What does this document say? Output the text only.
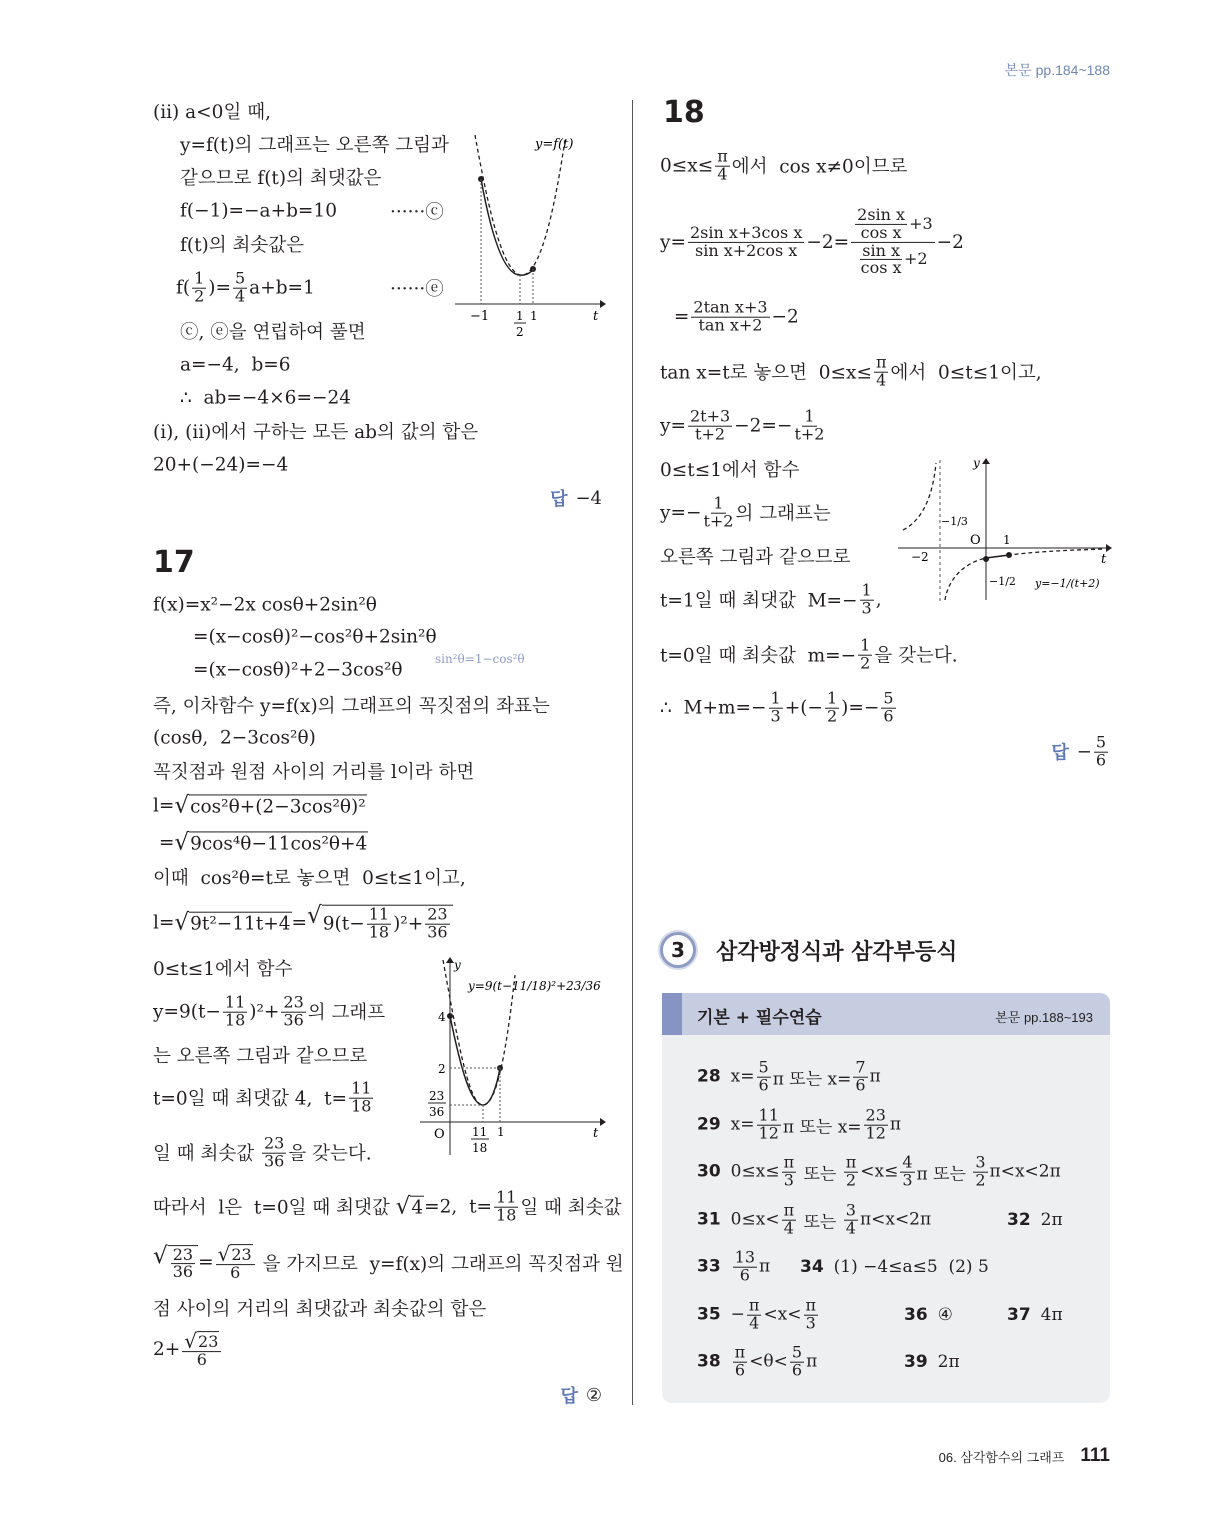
본문 pp.184~188
(ⅱ) a<0일 때,
y=f(t)의 그래프는 오른쪽 그림과
같으므로 f(t)의 최댓값은
f(−1)=−a+b=10	······ⓒ
f(t)의 최솟값은
$f( \frac{1}{2}$ )= $\frac{5}{4} a+b=1$	······ⓔ
ⓒ, ⓔ을 연립하여 풀면
a=−4,  b=6
∴  ab=−4×6=−24
(ⅰ), (ⅱ)에서 구하는 모든 ab의 값의 합은
20+(−24)=−4
답 −4
y=f(t)
−1 1
2
1	t
17
f(x)=x²−2x cosθ+2sin²θ
=(x−cosθ)²−cos²θ+2sin²θ
sin²θ=1−cos²θ
=(x−cosθ)²+2−3cos²θ
즉, 이차함수 y=f(x)의 그래프의 꼭짓점의 좌표는
(cosθ,  2−3cos²θ)
꼭짓점과 원점 사이의 거리를 l이라 하면
l= √ cos²θ+(2−3cos²θ)²
= √ 9cos⁴θ−11cos²θ+4
이때  cos²θ=t로 놓으면  0≤t≤1이고,
l= √ 9t²−11t+4 = √ $9(t- \frac{11}{18} )^2+ \frac{23}{36}$
0≤t≤1에서 함수
$y=9(t- \frac{11}{18} )^2+ \frac{23}{36}$ 의 그래프
는 오른쪽 그림과 같으므로
t=0일 때 최댓값 4,  $t= \frac{11}{18}$
일 때 최솟값 $\frac{23}{36}$ 을 갖는다.
따라서  l은  t=0일 때 최댓값 √ 4 =2,  $t= \frac{11}{18}$ 일 때 최솟값
√ $\frac{23}{36} = \frac{√ 23}{6}$ 을 가지므로  y=f(x)의 그래프의 꼭짓점과 원
점 사이의 거리의 최댓값과 최솟값의 합은
$2+ \frac{√ 23}{6}$
답 ②
y
y=9(t−11/18)²+23/36
4
2
23
36
O 11
18
1	t
18
$0\le x\le \frac{\pi}{4}$ 에서  cos x≠0이므로
$y= \frac{\text{2sin x+3cos x}}{\text{sin x+2cos x}} -2= \frac{\frac{\text{2sin x}}{\text{cos x}} +3}{\frac{\text{sin x}}{\text{cos x}} +2} -2$
= $\frac{\text{2tan x+3}}{\text{tan x+2}} -2$
tan x=t로 놓으면  $0\le x\le \frac{\pi}{4}$ 에서  0≤t≤1이고,
$y= \frac{2t+3}{t+2} -2=- \frac{1}{t+2}$
0≤t≤1에서 함수
$y=- \frac{1}{t+2}$ 의 그래프는
오른쪽 그림과 같으므로
t=1일 때 최댓값  $M=- \frac{1}{3}$ ,
t=0일 때 최솟값  $m=- \frac{1}{2}$ 을 갖는다.
∴  $M+m=- \frac{1}{3}$ +(− $\frac{1}{2}$ )=− $\frac{5}{6}$
답 − $\frac{5}{6}$
y
t
O
−2
1
−1/3
−1/2 y=−1/(t+2)
3	삼각방정식과 삼각부등식
기본 + 필수연습	본문 pp.188~193
28 $x= \frac{5}{6}$ π 또는 $x= \frac{7}{6}$ π
29 $x= \frac{11}{12}$ π 또는 $x= \frac{23}{12}$ π
30 $0\le x\le \frac{\pi}{3}$ 또는 $\frac{\pi}{2} <x\le \frac{4}{3}$ π 또는 $\frac{3}{2} \pi<x<2\pi$
31 $0\le x< \frac{\pi}{4}$ 또는 $\frac{3}{4} \pi<x<2\pi$	32 2π
$33 \frac{13}{6}$ π 34 (1) −4≤a≤5  (2) 5
$35 - \frac{\pi}{4} <x< \frac{\pi}{3}$	36 ④	37 4π
$38 \frac{\pi}{6} <\theta< \frac{5}{6}$ π	39 2π
06. 삼각함수의 그래프 111
